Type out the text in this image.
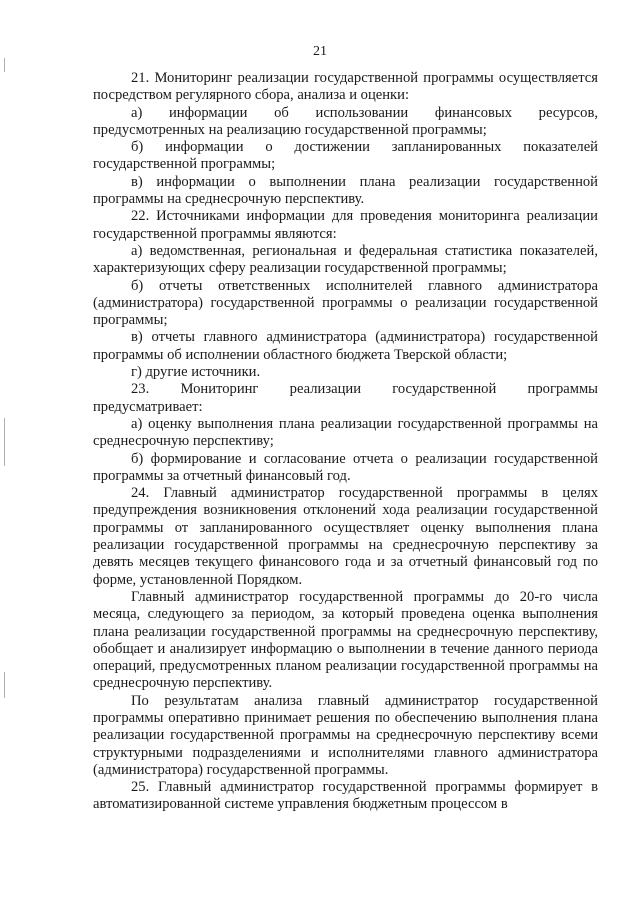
21

21. Мониторинг реализации государственной программы осуществляется посредством регулярного сбора, анализа и оценки:

а) информации об использовании финансовых ресурсов, предусмотренных на реализацию государственной программы;

б) информации о достижении запланированных показателей государственной программы;

в) информации о выполнении плана реализации государственной программы на среднесрочную перспективу.

22. Источниками информации для проведения мониторинга реализации государственной программы являются:

а) ведомственная, региональная и федеральная статистика показателей, характеризующих сферу реализации государственной программы;

б) отчеты ответственных исполнителей главного администратора (администратора) государственной программы о реализации государственной программы;

в) отчеты главного администратора (администратора) государственной программы об исполнении областного бюджета Тверской области;

г) другие источники.

23. Мониторинг реализации государственной программы предусматривает:

а) оценку выполнения плана реализации государственной программы на среднесрочную перспективу;

б) формирование и согласование отчета о реализации государственной программы за отчетный финансовый год.

24. Главный администратор государственной программы в целях предупреждения возникновения отклонений хода реализации государственной программы от запланированного осуществляет оценку выполнения плана реализации государственной программы на среднесрочную перспективу за девять месяцев текущего финансового года и за отчетный финансовый год по форме, установленной Порядком.

Главный администратор государственной программы до 20-го числа месяца, следующего за периодом, за который проведена оценка выполнения плана реализации государственной программы на среднесрочную перспективу, обобщает и анализирует информацию о выполнении в течение данного периода операций, предусмотренных планом реализации государственной программы на среднесрочную перспективу.

По результатам анализа главный администратор государственной программы оперативно принимает решения по обеспечению выполнения плана реализации государственной программы на среднесрочную перспективу всеми структурными подразделениями и исполнителями главного администратора (администратора) государственной программы.

25. Главный администратор государственной программы формирует в автоматизированной системе управления бюджетным процессом в
